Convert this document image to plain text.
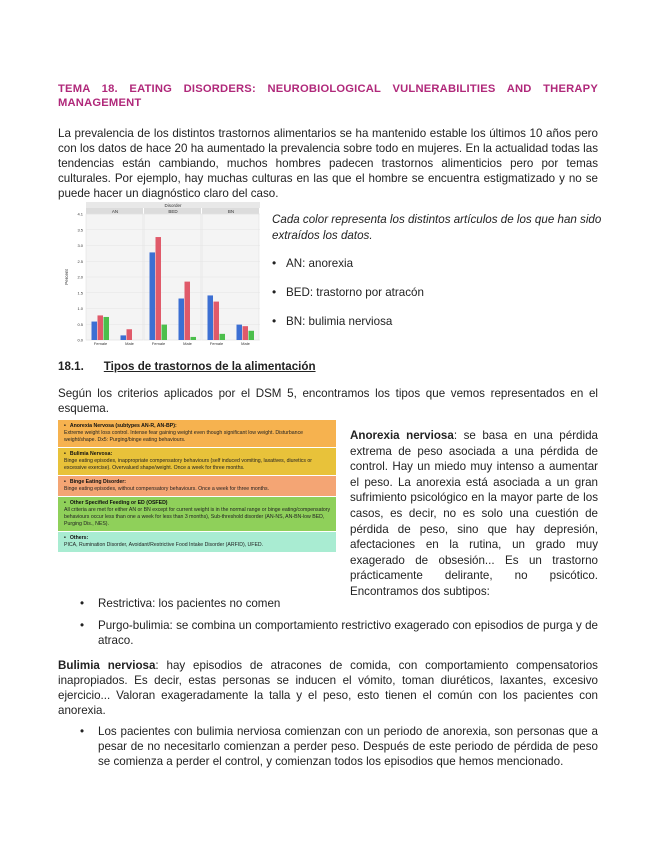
TEMA 18. EATING DISORDERS: NEUROBIOLOGICAL VULNERABILITIES AND THERAPY MANAGEMENT
La prevalencia de los distintos trastornos alimentarios se ha mantenido estable los últimos 10 años pero con los datos de hace 20 ha aumentado la prevalencia sobre todo en mujeres. En la actualidad todas las tendencias están cambiando, muchos hombres padecen trastornos alimenticios pero por temas culturales. Por ejemplo, hay muchas culturas en las que el hombre se encuentra estigmatizado y no se puede hacer un diagnóstico claro del caso.
Disorder
AN	BED	BN
4.1
3.5
3.0
2.5
2.0
1.5
1.0
0.5
0.0
Percent
Female	Male	Female	Male	Female	Male
Cada color representa los distintos artículos de los que han sido extraídos los datos.
• AN: anorexia
• BED: trastorno por atracón
• BN: bulimia nerviosa
18.1. Tipos de trastornos de la alimentación
Según los criterios aplicados por el DSM 5, encontramos los tipos que vemos representados en el esquema.
• Anorexia Nervosa (subtypes AN-R, AN-BP):
Extreme weight loss control. Intense fear gaining weight even though significant low weight. Disturbance weight/shape. Dx5: Purging/binge eating behaviours.
• Bulimia Nervosa:
Binge eating episodes, inappropriate compensatory behaviours (self induced vomiting, laxatives, diuretics or excessive exercise). Overvalued shape/weight. Once a week for three months.
• Binge Eating Disorder:
Binge eating episodes, without compensatory behaviours. Once a week for three months.
• Other Specified Feeding or ED (OSFED)
All criteria are met for either AN or BN except for current weight is in the normal range or binge eating/compensatory behaviours occur less than one a week for less than 3 months), Sub-threshold disorder (AN-NS, AN-BN-low BED, Purging Dis., NES).
• Others:
PICA, Rumination Disorder, Avoidant/Restrictive Food Intake Disorder (ARFID), UFED.
Anorexia nerviosa: se basa en una pérdida extrema de peso asociada a una pérdida de control. Hay un miedo muy intenso a aumentar el peso. La anorexia está asociada a un gran sufrimiento psicológico en la mayor parte de los casos, es decir, no es solo una cuestión de pérdida de peso, sino que hay depresión, afectaciones en la rutina, un grado muy exagerado de obsesión... Es un trastorno prácticamente delirante, no psicótico. Encontramos dos subtipos:
• Restrictiva: los pacientes no comen
• Purgo-bulimia: se combina un comportamiento restrictivo exagerado con episodios de purga y de atraco.
Bulimia nerviosa: hay episodios de atracones de comida, con comportamiento compensatorios inapropiados. Es decir, estas personas se inducen el vómito, toman diuréticos, laxantes, excesivo ejercicio... Valoran exageradamente la talla y el peso, esto tienen el común con los pacientes con anorexia.
• Los pacientes con bulimia nerviosa comienzan con un periodo de anorexia, son personas que a pesar de no necesitarlo comienzan a perder peso. Después de este periodo de pérdida de peso se comienza a perder el control, y comienzan todos los episodios que hemos mencionado.
